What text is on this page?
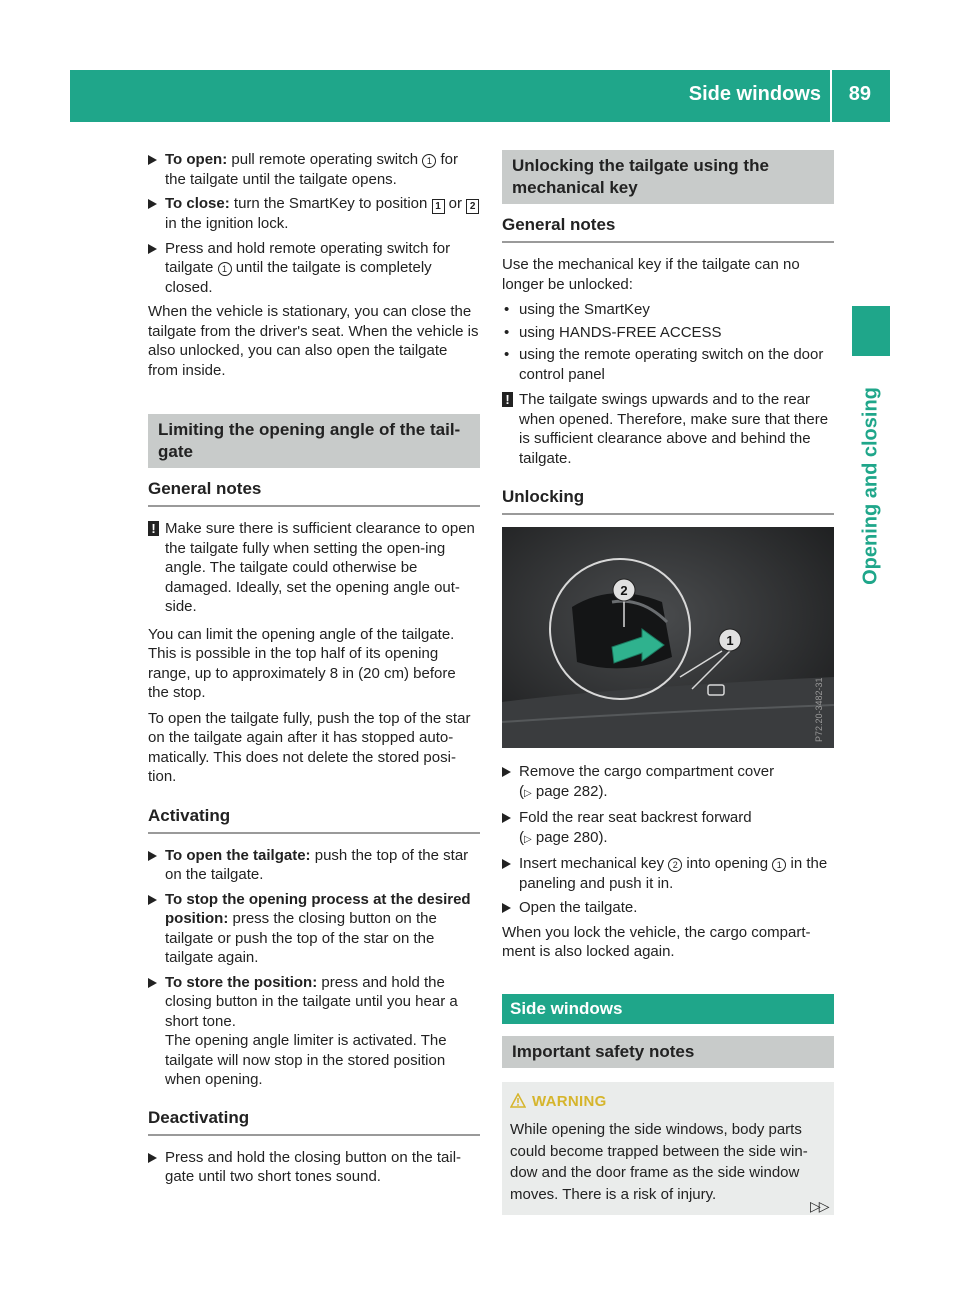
Side windows 89
Opening and closing
To open: pull remote operating switch 1 for the tailgate until the tailgate opens.
To close: turn the SmartKey to position 1 or 2 in the ignition lock.
Press and hold remote operating switch for tailgate 1 until the tailgate is completely closed.

When the vehicle is stationary, you can close the tailgate from the driver's seat. When the vehicle is also unlocked, you can also open the tailgate from inside.

Limiting the opening angle of the tail-gate
General notes
! Make sure there is sufficient clearance to open the tailgate fully when setting the open-ing angle. The tailgate could otherwise be damaged. Ideally, set the opening angle out-side.

You can limit the opening angle of the tailgate. This is possible in the top half of its opening range, up to approximately 8 in (20 cm) before the stop.

To open the tailgate fully, push the top of the star on the tailgate again after it has stopped auto-matically. This does not delete the stored posi-tion.

Activating
To open the tailgate: push the top of the star on the tailgate.
To stop the opening process at the desired position: press the closing button on the tailgate or push the top of the star on the tailgate again.
To store the position: press and hold the closing button in the tailgate until you hear a short tone.
The opening angle limiter is activated. The tailgate will now stop in the stored position when opening.
Deactivating
Press and hold the closing button on the tail-gate until two short tones sound.
Unlocking the tailgate using the mechanical key
General notes

Use the mechanical key if the tailgate can no longer be unlocked:

• using the SmartKey
• using HANDS-FREE ACCESS
• using the remote operating switch on the door control panel
! The tailgate swings upwards and to the rear when opened. Therefore, make sure that there is sufficient clearance above and behind the tailgate.
Unlocking
2
1
P72.20-3482-31
Remove the cargo compartment cover
(▷ page 282).
Fold the rear seat backrest forward
(▷ page 280).
Insert mechanical key 2 into opening 1 in the paneling and push it in.
Open the tailgate.

When you lock the vehicle, the cargo compart-ment is also locked again.

Side windows
Important safety notes
WARNING
While opening the side windows, body parts could become trapped between the side win-dow and the door frame as the side window moves. There is a risk of injury.
▷▷
